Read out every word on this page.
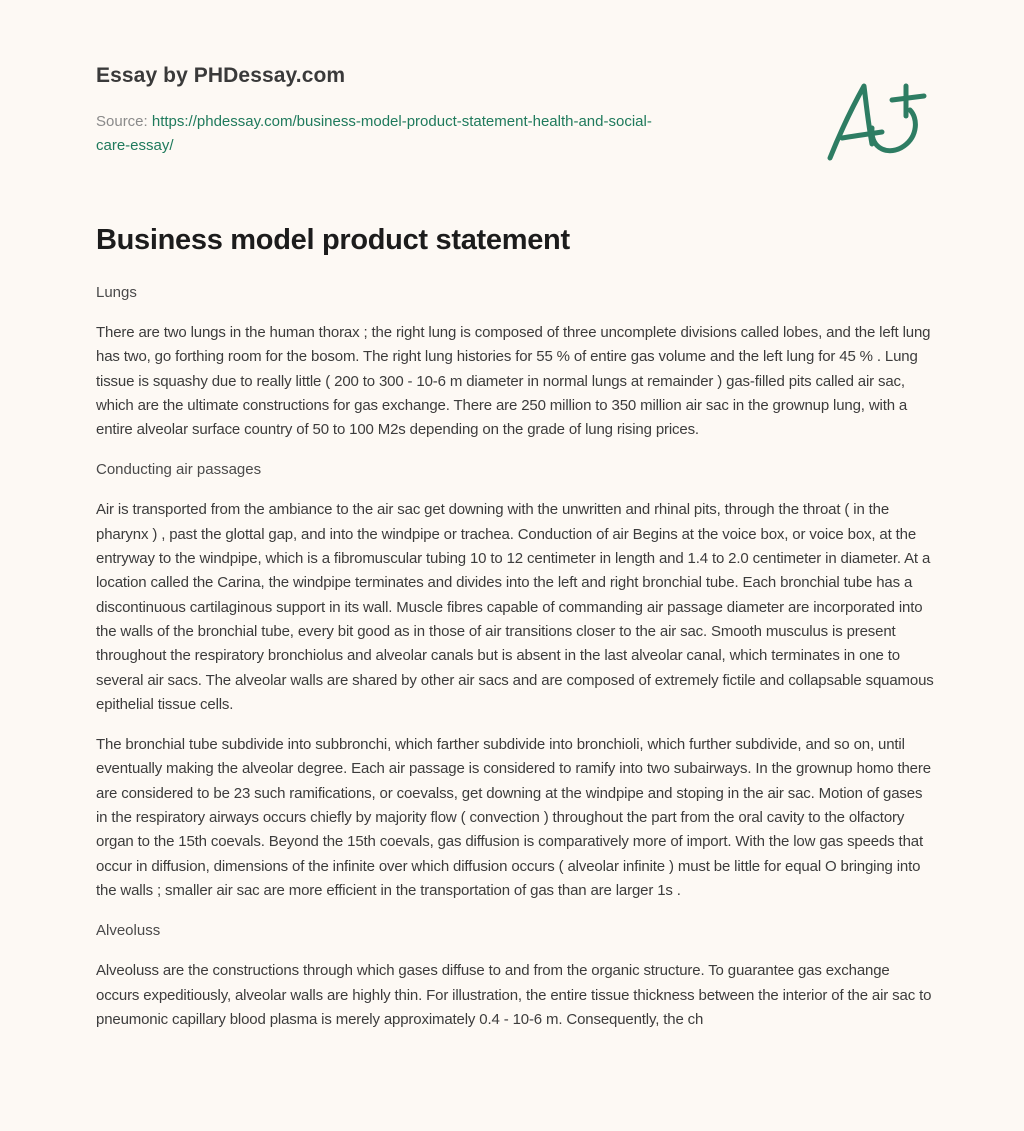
Essay by PHDessay.com
Source: https://phdessay.com/business-model-product-statement-health-and-social-
care-essay/
Business model product statement
Lungs

There are two lungs in the human thorax ; the right lung is composed of three uncomplete divisions called lobes, and the left lung has two, go forthing room for the bosom. The right lung histories for 55 % of entire gas volume and the left lung for 45 % . Lung tissue is squashy due to really little ( 200 to 300 - 10-6 m diameter in normal lungs at remainder ) gas-filled pits called air sac, which are the ultimate constructions for gas exchange. There are 250 million to 350 million air sac in the grownup lung, with a entire alveolar surface country of 50 to 100 M2s depending on the grade of lung rising prices.

Conducting air passages

Air is transported from the ambiance to the air sac get downing with the unwritten and rhinal pits, through the throat ( in the pharynx ) , past the glottal gap, and into the windpipe or trachea. Conduction of air Begins at the voice box, or voice box, at the entryway to the windpipe, which is a fibromuscular tubing 10 to 12 centimeter in length and 1.4 to 2.0 centimeter in diameter. At a location called the Carina, the windpipe terminates and divides into the left and right bronchial tube. Each bronchial tube has a discontinuous cartilaginous support in its wall. Muscle fibres capable of commanding air passage diameter are incorporated into the walls of the bronchial tube, every bit good as in those of air transitions closer to the air sac. Smooth musculus is present throughout the respiratory bronchiolus and alveolar canals but is absent in the last alveolar canal, which terminates in one to several air sacs. The alveolar walls are shared by other air sacs and are composed of extremely fictile and collapsable squamous epithelial tissue cells.

The bronchial tube subdivide into subbronchi, which farther subdivide into bronchioli, which further subdivide, and so on, until eventually making the alveolar degree. Each air passage is considered to ramify into two subairways. In the grownup homo there are considered to be 23 such ramifications, or coevalss, get downing at the windpipe and stoping in the air sac. Motion of gases in the respiratory airways occurs chiefly by majority flow ( convection ) throughout the part from the oral cavity to the olfactory organ to the 15th coevals. Beyond the 15th coevals, gas diffusion is comparatively more of import. With the low gas speeds that occur in diffusion, dimensions of the infinite over which diffusion occurs ( alveolar infinite ) must be little for equal O bringing into the walls ; smaller air sac are more efficient in the transportation of gas than are larger 1s .

Alveoluss

Alveoluss are the constructions through which gases diffuse to and from the organic structure. To guarantee gas exchange occurs expeditiously, alveolar walls are highly thin. For illustration, the entire tissue thickness between the interior of the air sac to pneumonic capillary blood plasma is merely approximately 0.4 - 10-6 m. Consequently, the ch
